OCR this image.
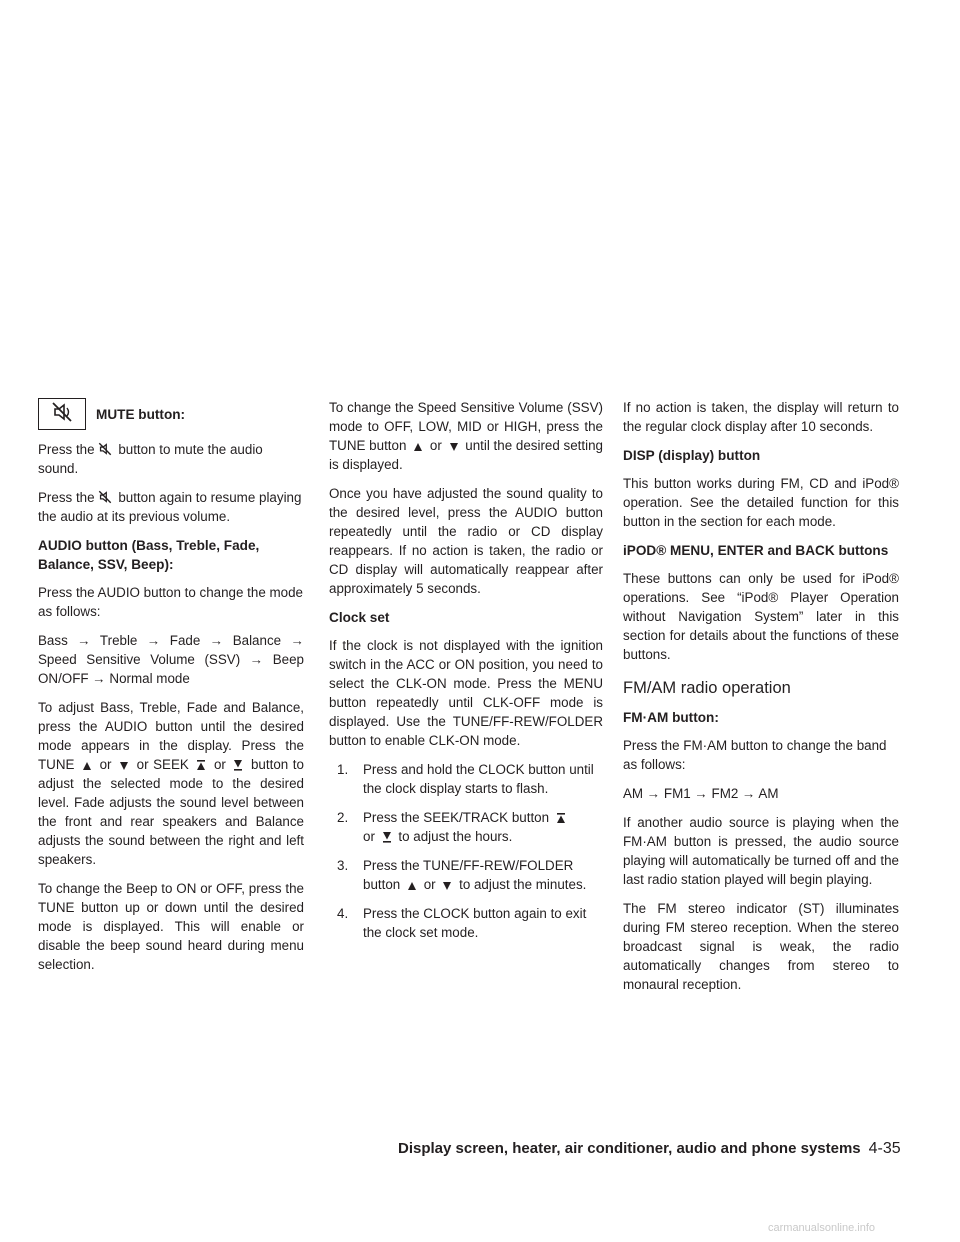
MUTE button:

Press the button to mute the audio sound.

Press the button again to resume playing the audio at its previous volume.

AUDIO button (Bass, Treble, Fade, Balance, SSV, Beep):

Press the AUDIO button to change the mode as follows:

Bass → Treble → Fade → Balance → Speed Sensitive Volume (SSV) → Beep ON/OFF → Normal mode

To adjust Bass, Treble, Fade and Balance, press the AUDIO button until the desired mode appears in the display. Press the TUNE or or SEEK or button to adjust the selected mode to the desired level. Fade adjusts the sound level between the front and rear speakers and Balance adjusts the sound between the right and left speakers.

To change the Beep to ON or OFF, press the TUNE button up or down until the desired mode is displayed. This will enable or disable the beep sound heard during menu selection.

To change the Speed Sensitive Volume (SSV) mode to OFF, LOW, MID or HIGH, press the TUNE button or until the desired setting is displayed.

Once you have adjusted the sound quality to the desired level, press the AUDIO button repeatedly until the radio or CD display reappears. If no action is taken, the radio or CD display will automatically reappear after approximately 5 seconds.

Clock set

If the clock is not displayed with the ignition switch in the ACC or ON position, you need to select the CLK-ON mode. Press the MENU button repeatedly until CLK-OFF mode is displayed. Use the TUNE/FF-REW/FOLDER button to enable CLK-ON mode.

1. Press and hold the CLOCK button until the clock display starts to flash.
2. Press the SEEK/TRACK button

or to adjust the hours.
3. Press the TUNE/FF-REW/FOLDER button or to adjust the minutes.
4. Press the CLOCK button again to exit the clock set mode.

If no action is taken, the display will return to the regular clock display after 10 seconds.

DISP (display) button

This button works during FM, CD and iPod® operation. See the detailed function for this button in the section for each mode.

iPOD® MENU, ENTER and BACK buttons

These buttons can only be used for iPod® operations. See “iPod® Player Operation without Navigation System” later in this section for details about the functions of these buttons.

FM/AM radio operation
FM·AM button:

Press the FM·AM button to change the band as follows:

AM → FM1 → FM2 → AM

If another audio source is playing when the FM·AM button is pressed, the audio source playing will automatically be turned off and the last radio station played will begin playing.

The FM stereo indicator (ST) illuminates during FM stereo reception. When the stereo broadcast signal is weak, the radio automatically changes from stereo to monaural reception.

Display screen, heater, air conditioner, audio and phone systems 4-35
carmanualsonline.info
